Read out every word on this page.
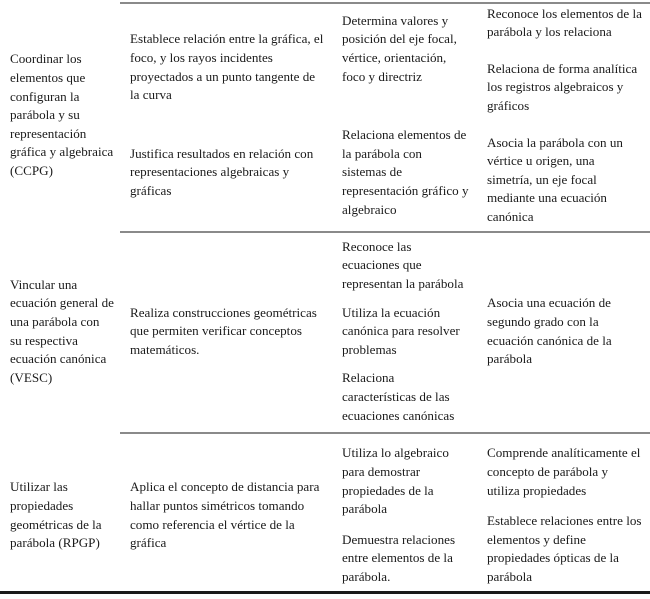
Coordinar los elementos que configuran la parábola y su representación gráfica y algebraica (CCPG)

Establece relación entre la gráfica, el foco, y los rayos incidentes proyectados a un punto tangente de la curva

Justifica resultados en relación con representaciones algebraicas y gráficas

Determina valores y posición del eje focal, vértice, orientación, foco y directriz

Relaciona elementos de la parábola con sistemas de representación gráfico y algebraico

Reconoce los elementos de la parábola y los relaciona

Relaciona de forma analítica los registros algebraicos y gráficos

Asocia la parábola con un vértice u origen, una simetría, un eje focal mediante una ecuación canónica

Vincular una ecuación general de una parábola con su respectiva ecuación canónica (VESC)

Realiza construcciones geométricas que permiten verificar conceptos matemáticos.

Reconoce las ecuaciones que representan la parábola

Utiliza la ecuación canónica para resolver problemas

Relaciona características de las ecuaciones canónicas

Asocia una ecuación de segundo grado con la ecuación canónica de la parábola

Utilizar las propiedades geométricas de la parábola (RPGP)

Aplica el concepto de distancia para hallar puntos simétricos tomando como referencia el vértice de la gráfica

Utiliza lo algebraico para demostrar propiedades de la parábola

Demuestra relaciones entre elementos de la parábola.

Comprende analíticamente el concepto de parábola y utiliza propiedades

Establece relaciones entre los elementos y define propiedades ópticas de la parábola
